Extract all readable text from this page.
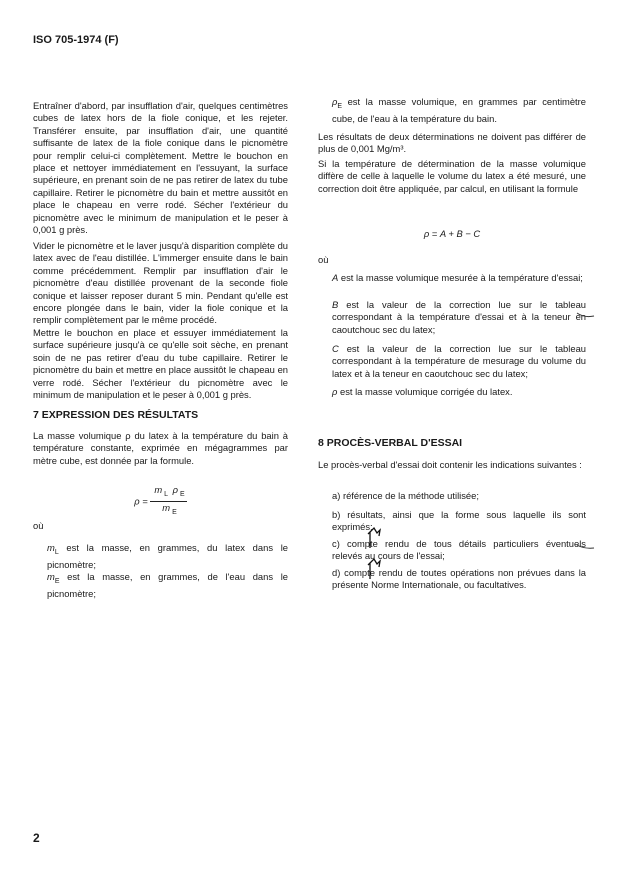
ISO 705-1974 (F)
Entraîner d'abord, par insufflation d'air, quelques centimètres cubes de latex hors de la fiole conique, et les rejeter. Transférer ensuite, par insufflation d'air, une quantité suffisante de latex de la fiole conique dans le picnomètre pour remplir celui-ci complètement. Mettre le bouchon en place et nettoyer immédiatement en l'essuyant, la surface supérieure, en prenant soin de ne pas retirer de latex du tube capillaire. Retirer le picnomètre du bain et mettre aussitôt en place le chapeau en verre rodé. Sécher l'extérieur du picnomètre avec le minimum de manipulation et le peser à 0,001 g près.
Vider le picnomètre et le laver jusqu'à disparition complète du latex avec de l'eau distillée. L'immerger ensuite dans le bain comme précédemment. Remplir par insufflation d'air le picnomètre d'eau distillée provenant de la seconde fiole conique et laisser reposer durant 5 min. Pendant qu'elle est encore plongée dans le bain, vider la fiole conique et la remplir complètement par le même procédé.
Mettre le bouchon en place et essuyer immédiatement la surface supérieure jusqu'à ce qu'elle soit sèche, en prenant soin de ne pas retirer d'eau du tube capillaire. Retirer le picnomètre du bain et mettre en place aussitôt le chapeau en verre rodé. Sécher l'extérieur du picnomètre avec le minimum de manipulation et le peser à 0,001 g près.
7 EXPRESSION DES RÉSULTATS
La masse volumique ρ du latex à la température du bain à température constante, exprimée en mégagrammes par mètre cube, est donnée par la formule.
$\rho = \frac{m _L \rho _E}{m _E}$
où
$m_L$ est la masse, en grammes, du latex dans le picnomètre;
$m_E$ est la masse, en grammes, de l'eau dans le picnomètre;
$\rho_E$ est la masse volumique, en grammes par centimètre cube, de l'eau à la température du bain.
Les résultats de deux déterminations ne doivent pas différer de plus de 0,001 Mg/m³.
Si la température de détermination de la masse volumique diffère de celle à laquelle le volume du latex a été mesuré, une correction doit être appliquée, par calcul, en utilisant la formule
ρ = A + B − C
où
A est la masse volumique mesurée à la température d'essai;
B est la valeur de la correction lue sur le tableau correspondant à la température d'essai et à la teneur en caoutchouc sec du latex;
C est la valeur de la correction lue sur le tableau correspondant à la température de mesurage du volume du latex et à la teneur en caoutchouc sec du latex;
ρ est la masse volumique corrigée du latex.
8 PROCÈS-VERBAL D'ESSAI
Le procès-verbal d'essai doit contenir les indications suivantes :
a) référence de la méthode utilisée;
b) résultats, ainsi que la forme sous laquelle ils sont exprimés;
c) compte rendu de tous détails particuliers éventuels relevés au cours de l'essai;
d) compte rendu de toutes opérations non prévues dans la présente Norme Internationale, ou facultatives.
2
